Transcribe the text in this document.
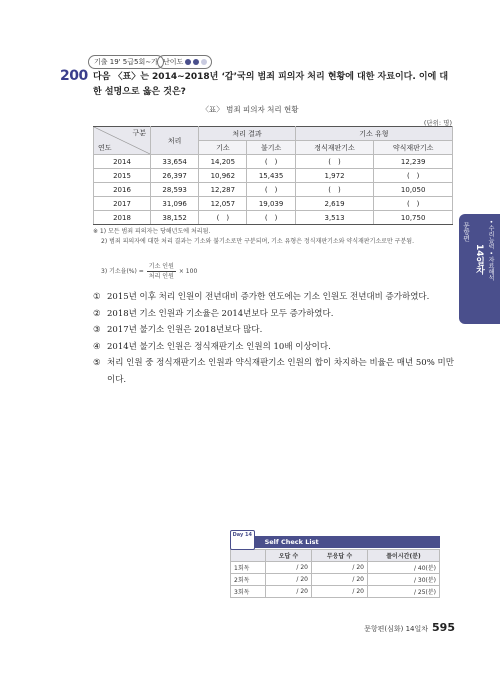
기출 19' 5급5회∼가 난이도
200 다음 〈표〉는 2014∼2018년 ‘갑’국의 범죄 피의자 처리 현황에 대한 자료이다. 이에 대한 설명으로 옳은 것은?
〈표〉 범죄 피의자 처리 현황
(단위: 명)
구분
연도	처리	처리 결과		기소 유형	
		기소	불기소	정식재판기소	약식재판기소
2014	33,654	14,205	(　)	(　)	12,239
2015	26,397	10,962	15,435	1,972	(　)
2016	28,593	12,287	(　)	(　)	10,050
2017	31,096	12,057	19,039	2,619	(　)
2018	38,152	(　)	(　)	3,513	10,750
※ 1) 모든 범죄 피의자는 당해년도에 처리됨.
2) 범죄 피의자에 대한 처리 결과는 기소와 불기소로만 구분되며, 기소 유형은 정식재판기소와 약식재판기소로만 구분됨.
3) 기소율(%) =
기소 인원
처리 인원
× 100
① 2015년 이후 처리 인원이 전년대비 증가한 연도에는 기소 인원도 전년대비 증가하였다.
② 2018년 기소 인원과 기소율은 2014년보다 모두 증가하였다.
③ 2017년 불기소 인원은 2018년보다 많다.
④ 2014년 불기소 인원은 정식재판기소 인원의 10배 이상이다.
⑤ 처리 인원 중 정식재판기소 인원과 약식재판기소 인원의 합이 차지하는 비율은 매년 50% 미만이다.
문항편
14일차 • 수리능력 • 자료해석
Day 14
Self Check List
	오답 수	무응답 수	풀이시간(분)
1회독	/ 20	/ 20	/ 40(분)
2회독	/ 20	/ 20	/ 30(분)
3회독	/ 20	/ 20	/ 25(분)
문항편(심화) 14일차 595
